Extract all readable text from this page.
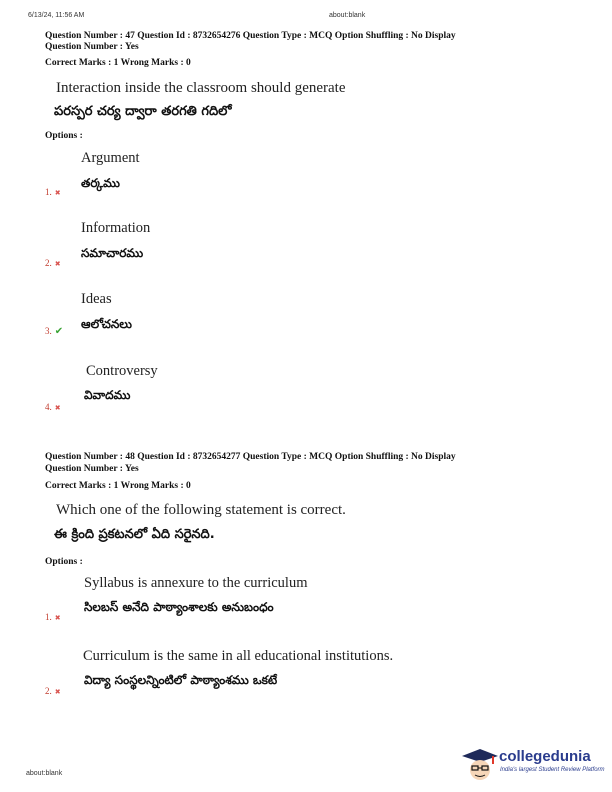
6/13/24, 11:56 AM	about:blank
Question Number : 47 Question Id : 8732654276 Question Type : MCQ Option Shuffling : No Display
Question Number : Yes
Correct Marks : 1 Wrong Marks : 0
Interaction inside the classroom should generate
పరస్పర చర్య ద్వారా తరగతి గదిలో
Options :
Argument
తర్కము
1. ✖
Information
సమాచారము
2. ✖
Ideas
ఆలోచనలు
3. ✔
Controversy
వివాదము
4. ✖
Question Number : 48 Question Id : 8732654277 Question Type : MCQ Option Shuffling : No Display
Question Number : Yes
Correct Marks : 1 Wrong Marks : 0
Which one of the following statement is correct.
ఈ క్రింది ప్రకటనలో ఏది సరైనది.
Options :
Syllabus is annexure to the curriculum
సిలబస్ అనేది పాఠ్యాంశాలకు అనుబంధం
1. ✖
Curriculum is the same in all educational institutions.
విద్యా సంస్థలన్నింటిలో పాఠ్యాంశము ఒకటే
2. ✖
about:blank
collegedunia
India's largest Student Review Platform
